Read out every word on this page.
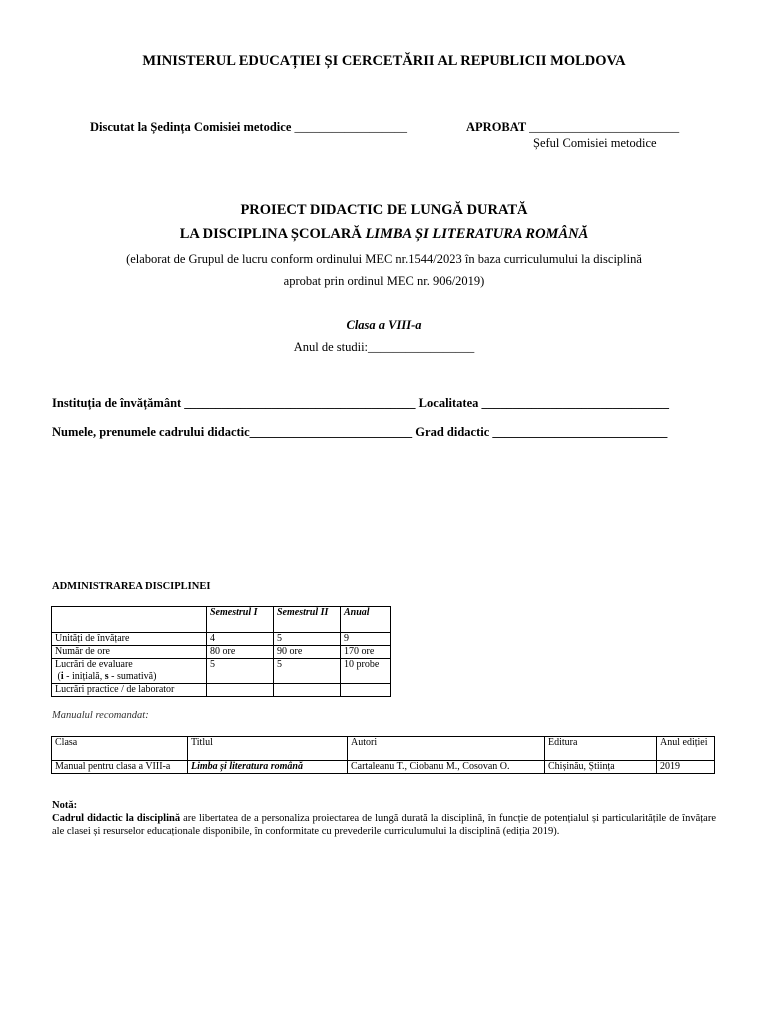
MINISTERUL EDUCAȚIEI ȘI CERCETĂRII AL REPUBLICII MOLDOVA
Discutat la Ședința Comisiei metodice __________________	APROBAT ________________________
Șeful Comisiei metodice
PROIECT DIDACTIC DE LUNGĂ DURATĂ
LA DISCIPLINA ȘCOLARĂ LIMBA ȘI LITERATURA ROMÂNĂ
(elaborat de Grupul de lucru conform ordinului MEC nr.1544/2023 în baza curriculumului la disciplină
aprobat prin ordinul MEC nr. 906/2019)
Clasa a VIII-a
Anul de studii:_________________
Instituția de învățământ _____________________________________ Localitatea ______________________________
Numele, prenumele cadrului didactic__________________________ Grad didactic ____________________________
ADMINISTRAREA DISCIPLINEI
	Semestrul I	Semestrul II	Anual
Unități de învățare	4	5	9
Număr de ore	80 ore	90 ore	170 ore
Lucrări de evaluare
(i - inițială, s - sumativă)	5	5	10 probe
Lucrări practice / de laborator			
Manualul recomandat:
Clasa	Titlul	Autori	Editura	Anul ediției
Manual pentru clasa a VIII-a	Limba și literatura română	Cartaleanu T., Ciobanu M., Cosovan O.	Chișinău, Știința	2019
Notă:
Cadrul didactic la disciplină are libertatea de a personaliza proiectarea de lungă durată la disciplină, în funcție de potențialul și particularitățile de învățare ale clasei și resurselor educaționale disponibile, în conformitate cu prevederile curriculumului la disciplină (ediția 2019).
